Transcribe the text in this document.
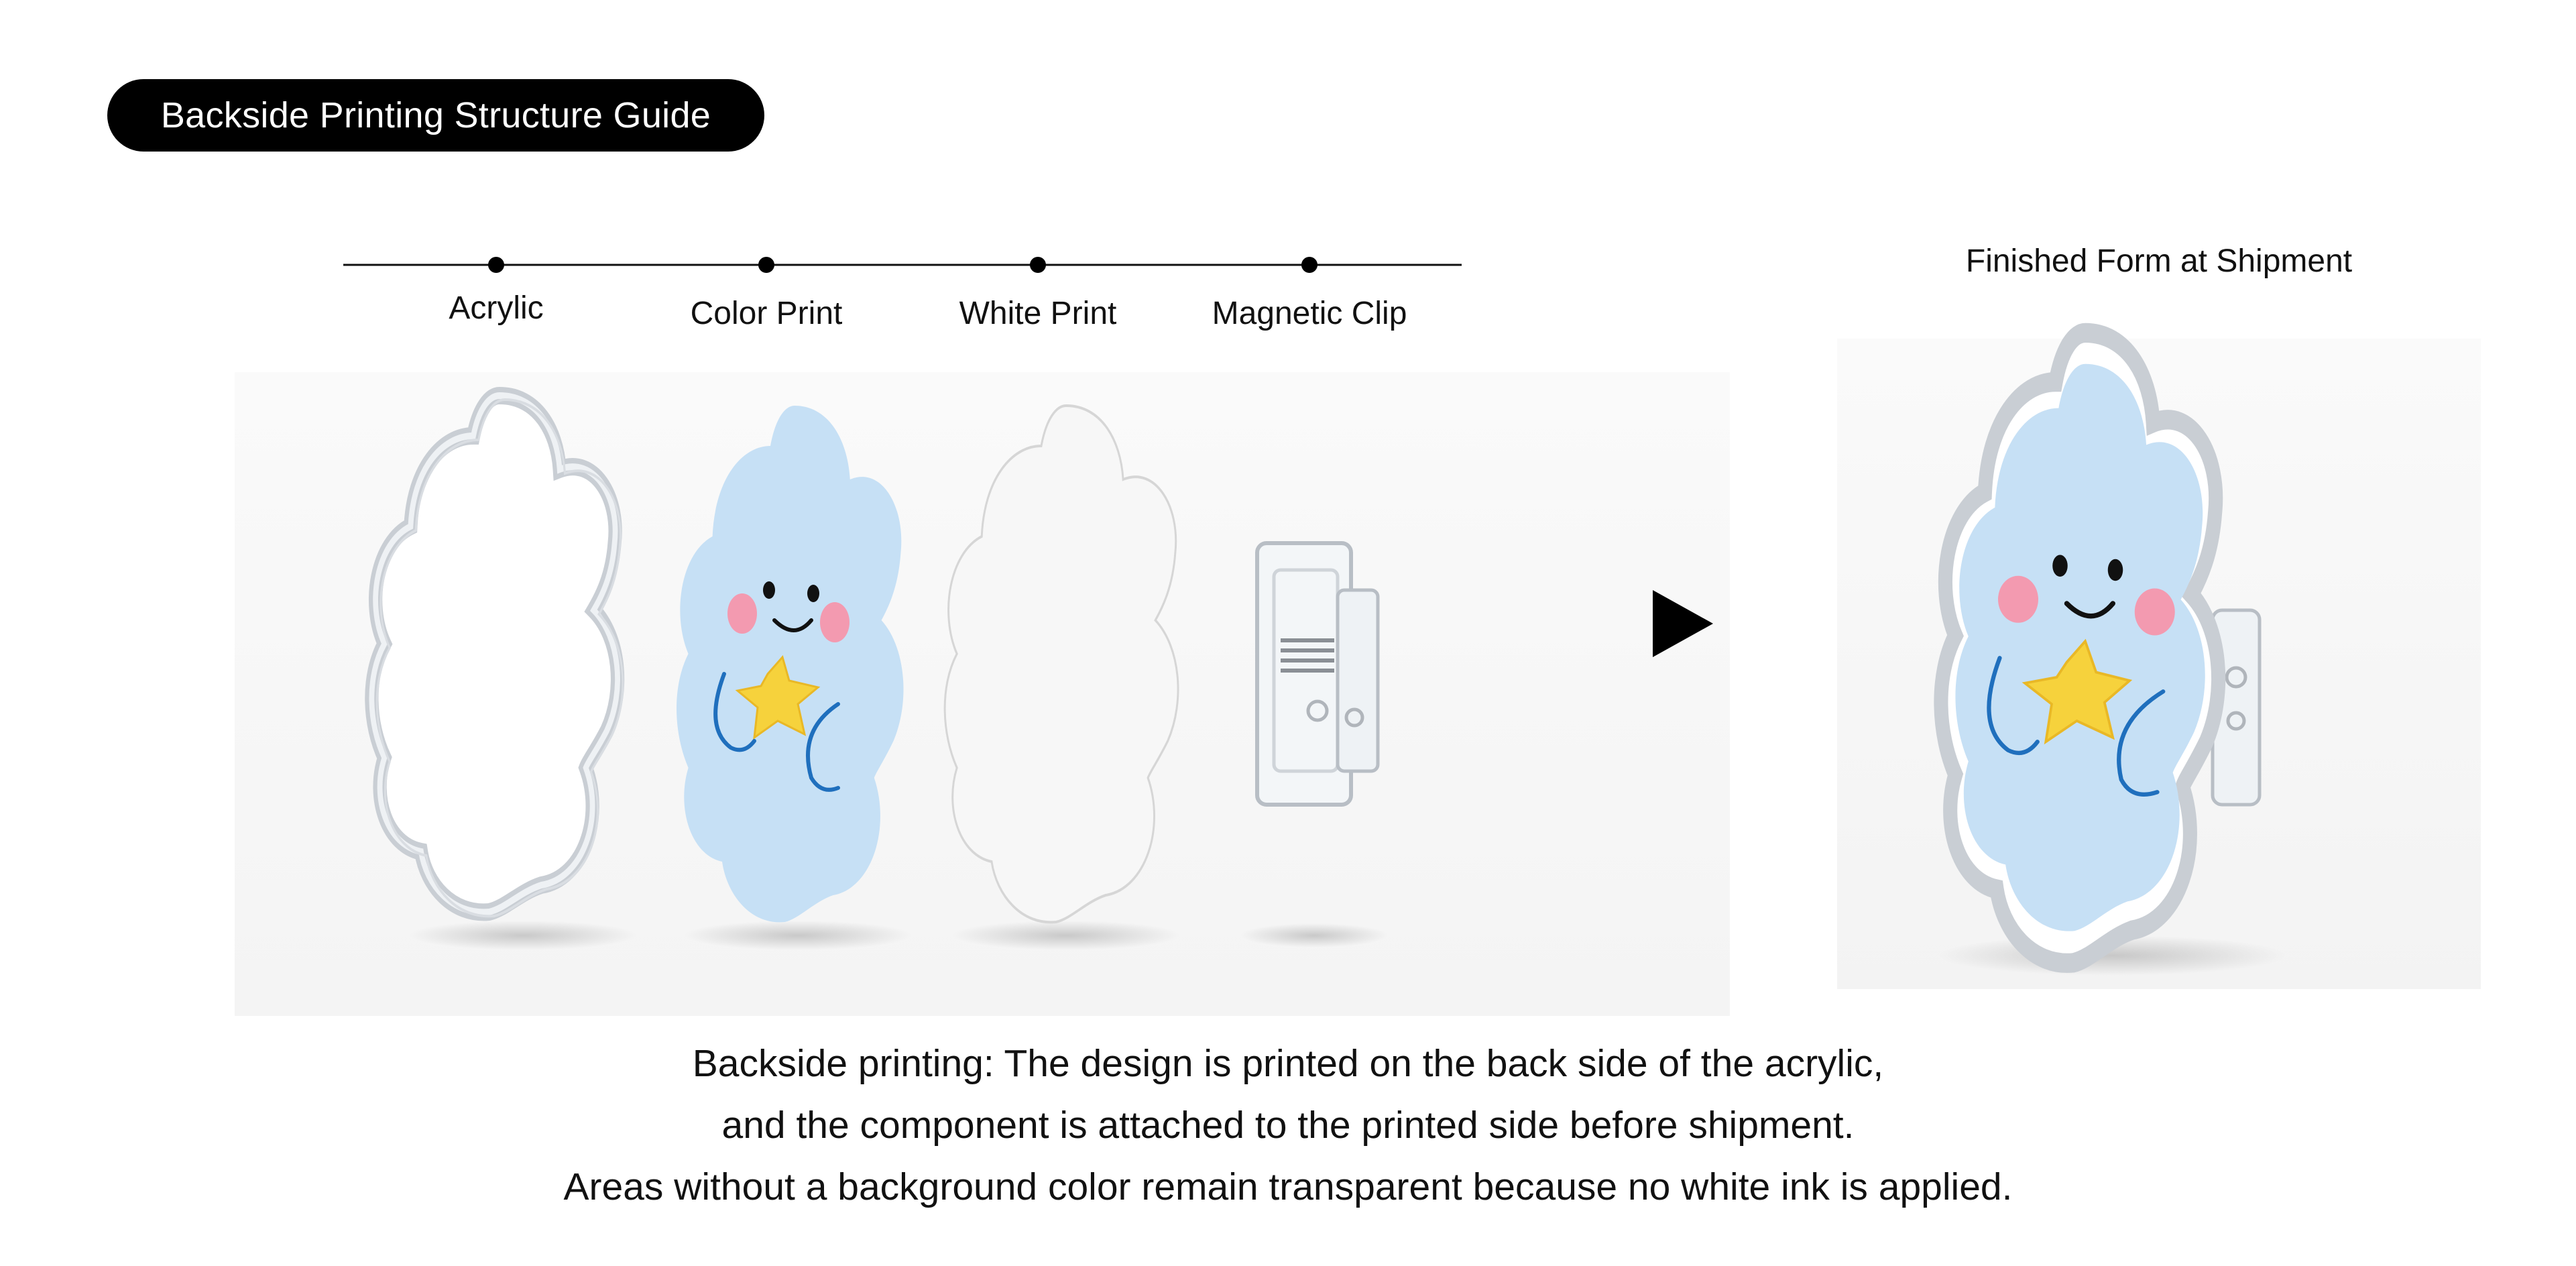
Backside Printing Structure Guide
Acrylic	Color Print	White Print	Magnetic Clip
Finished Form at Shipment
Backside printing: The design is printed on the back side of the acrylic,
and the component is attached to the printed side before shipment.
Areas without a background color remain transparent because no white ink is applied.
